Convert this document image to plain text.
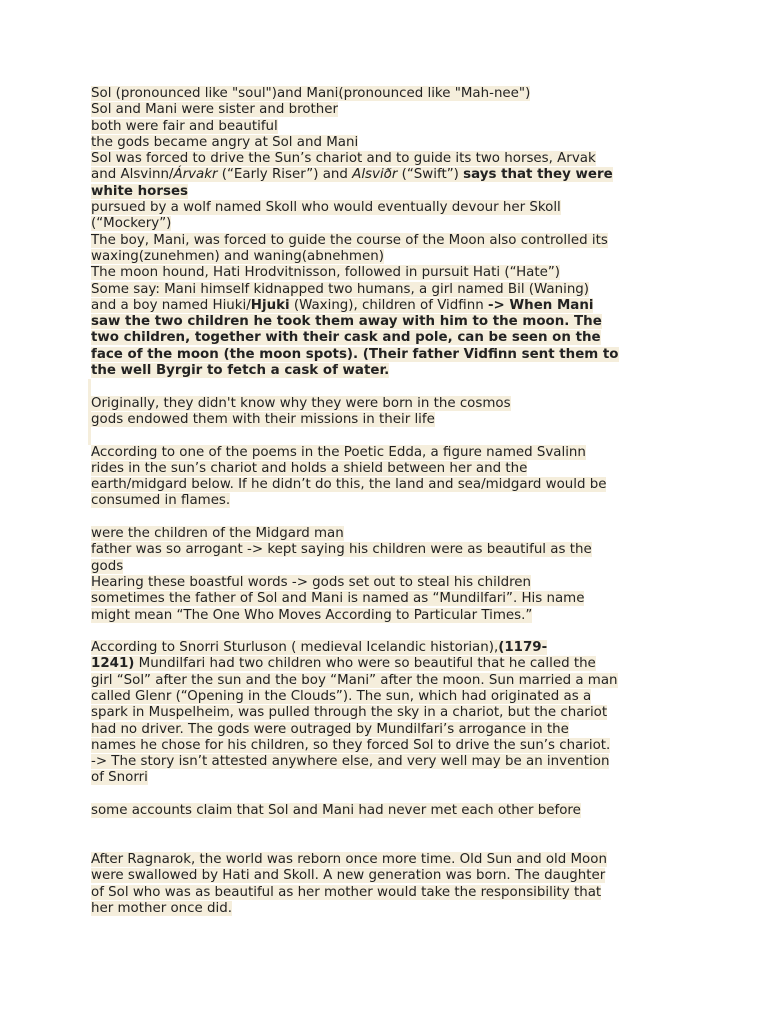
Sol (pronounced like "soul")and Mani(pronounced like "Mah-nee")
Sol and Mani were sister and brother
both were fair and beautiful
the gods became angry at Sol and Mani
Sol was forced to drive the Sun’s chariot and to guide its two horses, Arvak
and Alsvinn/Árvakr (“Early Riser”) and Alsviðr (“Swift”) says that they were
white horses
pursued by a wolf named Skoll who would eventually devour her Skoll
(“Mockery”)
The boy, Mani, was forced to guide the course of the Moon also controlled its
waxing(zunehmen) and waning(abnehmen)
The moon hound, Hati Hrodvitnisson, followed in pursuit Hati (“Hate”)
Some say: Mani himself kidnapped two humans, a girl named Bil (Waning)
and a boy named Hiuki/Hjuki (Waxing), children of Vidfinn -> When Mani
saw the two children he took them away with him to the moon. The
two children, together with their cask and pole, can be seen on the
face of the moon (the moon spots). (Their father Vidfinn sent them to
the well Byrgir to fetch a cask of water.
Originally, they didn't know why they were born in the cosmos
gods endowed them with their missions in their life
According to one of the poems in the Poetic Edda, a figure named Svalinn
rides in the sun’s chariot and holds a shield between her and the
earth/midgard below. If he didn’t do this, the land and sea/midgard would be
consumed in flames.
were the children of the Midgard man
father was so arrogant -> kept saying his children were as beautiful as the
gods
Hearing these boastful words -> gods set out to steal his children
sometimes the father of Sol and Mani is named as “Mundilfari”. His name
might mean “The One Who Moves According to Particular Times.”
According to Snorri Sturluson ( medieval Icelandic historian),(1179-
1241) Mundilfari had two children who were so beautiful that he called the
girl “Sol” after the sun and the boy “Mani” after the moon. Sun married a man
called Glenr (“Opening in the Clouds”). The sun, which had originated as a
spark in Muspelheim, was pulled through the sky in a chariot, but the chariot
had no driver. The gods were outraged by Mundilfari’s arrogance in the
names he chose for his children, so they forced Sol to drive the sun’s chariot.
-> The story isn’t attested anywhere else, and very well may be an invention
of Snorri
some accounts claim that Sol and Mani had never met each other before
After Ragnarok, the world was reborn once more time. Old Sun and old Moon
were swallowed by Hati and Skoll. A new generation was born. The daughter
of Sol who was as beautiful as her mother would take the responsibility that
her mother once did.
